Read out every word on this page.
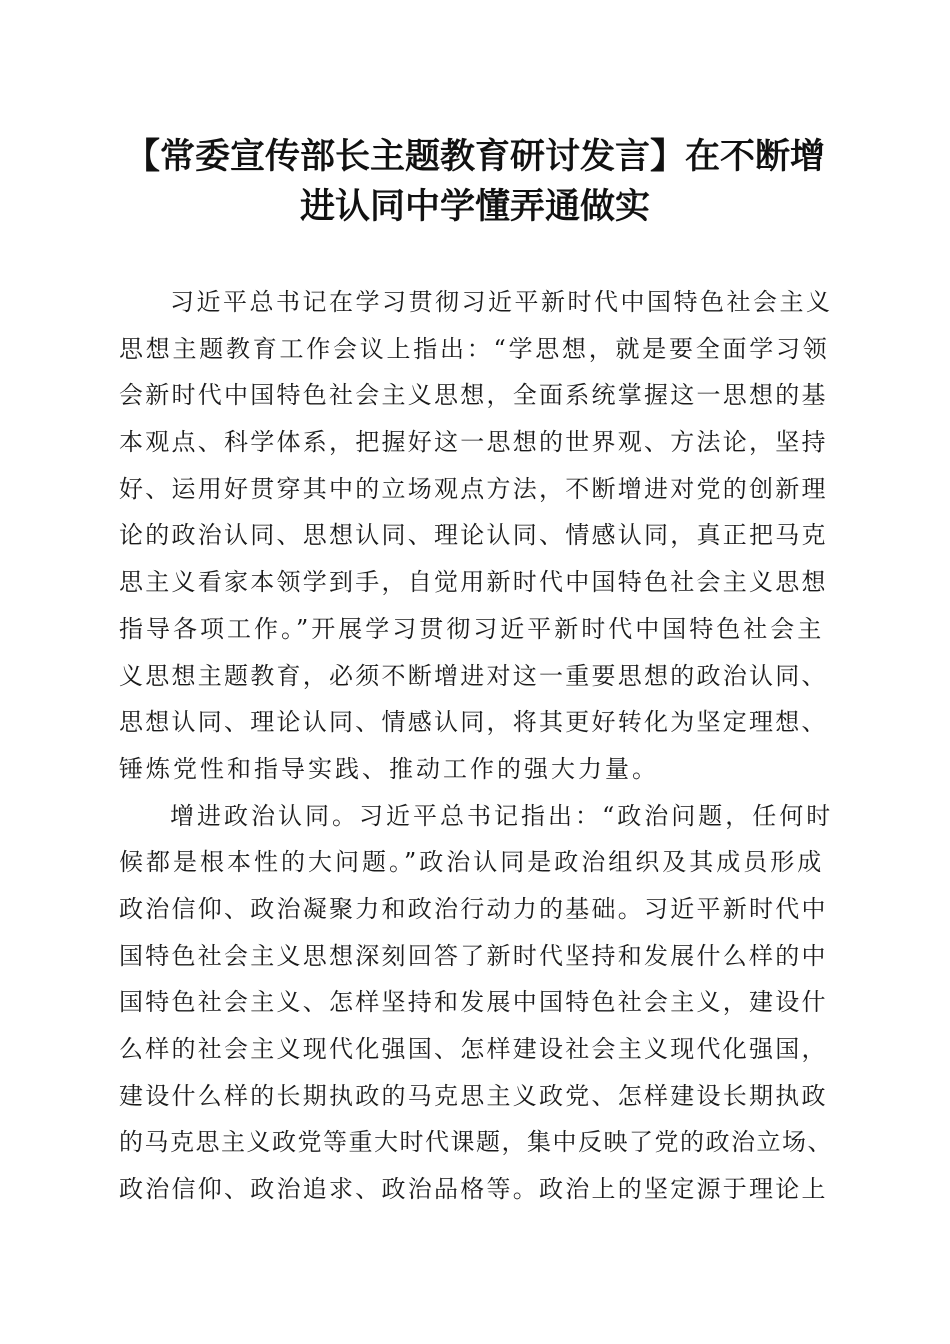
【常委宣传部长主题教育研讨发言】在不断增
进认同中学懂弄通做实
习近平总书记在学习贯彻习近平新时代中国特色社会主义
思想主题教育工作会议上指出：“学思想，就是要全面学习领
会新时代中国特色社会主义思想，全面系统掌握这一思想的基
本观点、科学体系，把握好这一思想的世界观、方法论，坚持
好、运用好贯穿其中的立场观点方法，不断增进对党的创新理
论的政治认同、思想认同、理论认同、情感认同，真正把马克
思主义看家本领学到手，自觉用新时代中国特色社会主义思想
指导各项工作。”开展学习贯彻习近平新时代中国特色社会主
义思想主题教育，必须不断增进对这一重要思想的政治认同、
思想认同、理论认同、情感认同，将其更好转化为坚定理想、
锤炼党性和指导实践、推动工作的强大力量。
增进政治认同。习近平总书记指出：“政治问题，任何时
候都是根本性的大问题。”政治认同是政治组织及其成员形成
政治信仰、政治凝聚力和政治行动力的基础。习近平新时代中
国特色社会主义思想深刻回答了新时代坚持和发展什么样的中
国特色社会主义、怎样坚持和发展中国特色社会主义，建设什
么样的社会主义现代化强国、怎样建设社会主义现代化强国，
建设什么样的长期执政的马克思主义政党、怎样建设长期执政
的马克思主义政党等重大时代课题，集中反映了党的政治立场、
政治信仰、政治追求、政治品格等。政治上的坚定源于理论上
